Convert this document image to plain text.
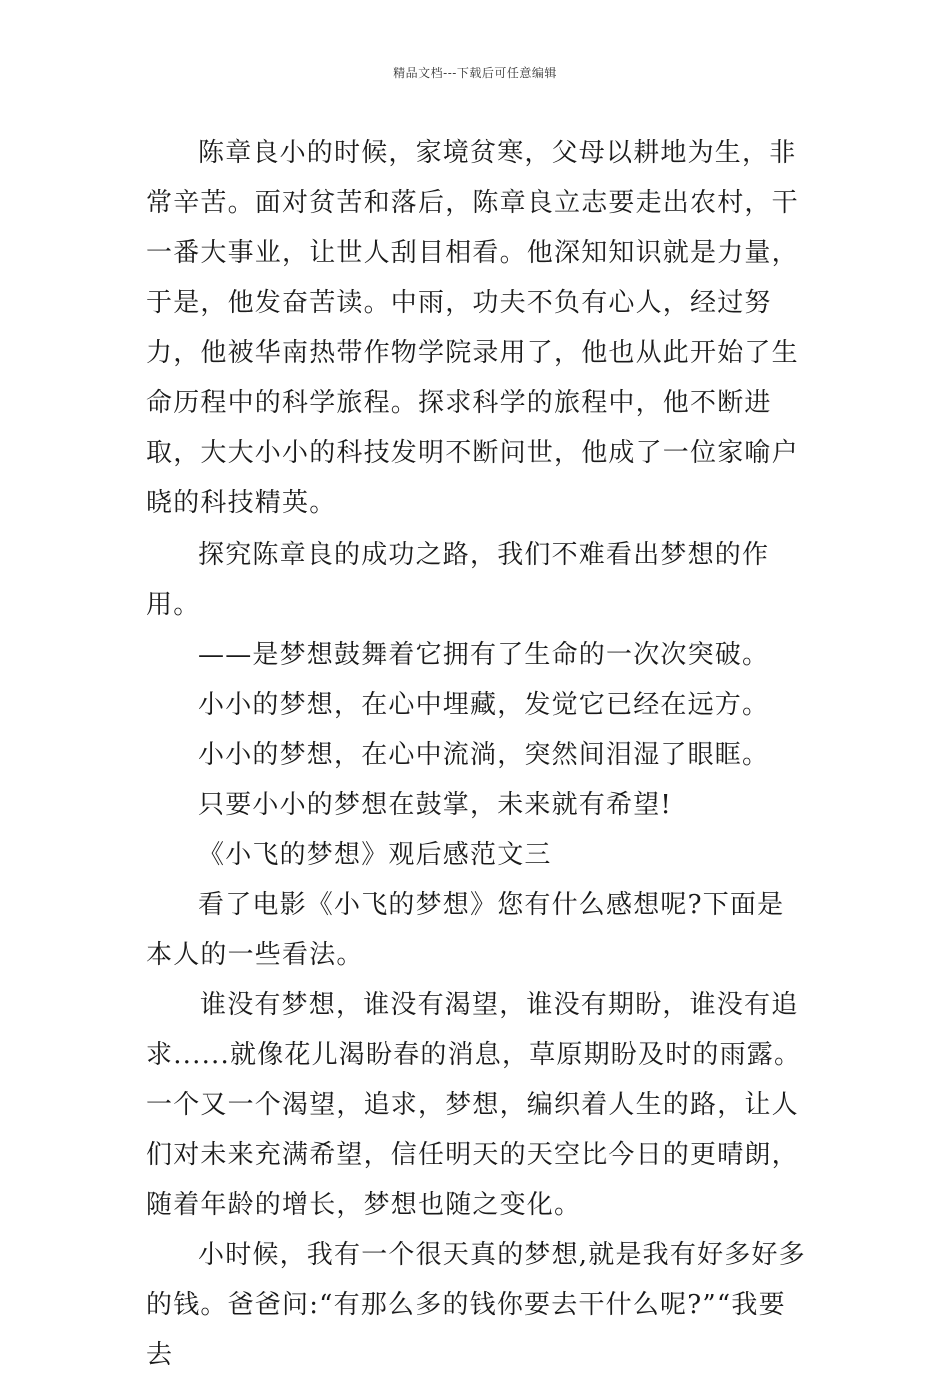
精品文档---下载后可任意编辑

陈章良小的时候，家境贫寒，父母以耕地为生，非常辛苦。面对贫苦和落后，陈章良立志要走出农村，干一番大事业，让世人刮目相看。他深知知识就是力量，于是，他发奋苦读。中雨，功夫不负有心人，经过努力，他被华南热带作物学院录用了，他也从此开始了生命历程中的科学旅程。探求科学的旅程中，他不断进取，大大小小的科技发明不断问世，他成了一位家喻户晓的科技精英。

探究陈章良的成功之路，我们不难看出梦想的作用。

——是梦想鼓舞着它拥有了生命的一次次突破。

小小的梦想，在心中埋藏，发觉它已经在远方。

小小的梦想，在心中流淌，突然间泪湿了眼眶。

只要小小的梦想在鼓掌，未来就有希望!

《小飞的梦想》观后感范文三

看了电影《小飞的梦想》您有什么感想呢?下面是本人的一些看法。

谁没有梦想，谁没有渴望，谁没有期盼，谁没有追求......就像花儿渴盼春的消息，草原期盼及时的雨露。一个又一个渴望，追求，梦想，编织着人生的路，让人们对未来充满希望，信任明天的天空比今日的更晴朗，随着年龄的增长，梦想也随之变化。

小时候，我有一个很天真的梦想,就是我有好多好多的钱。爸爸问:“有那么多的钱你要去干什么呢?”“我要去
